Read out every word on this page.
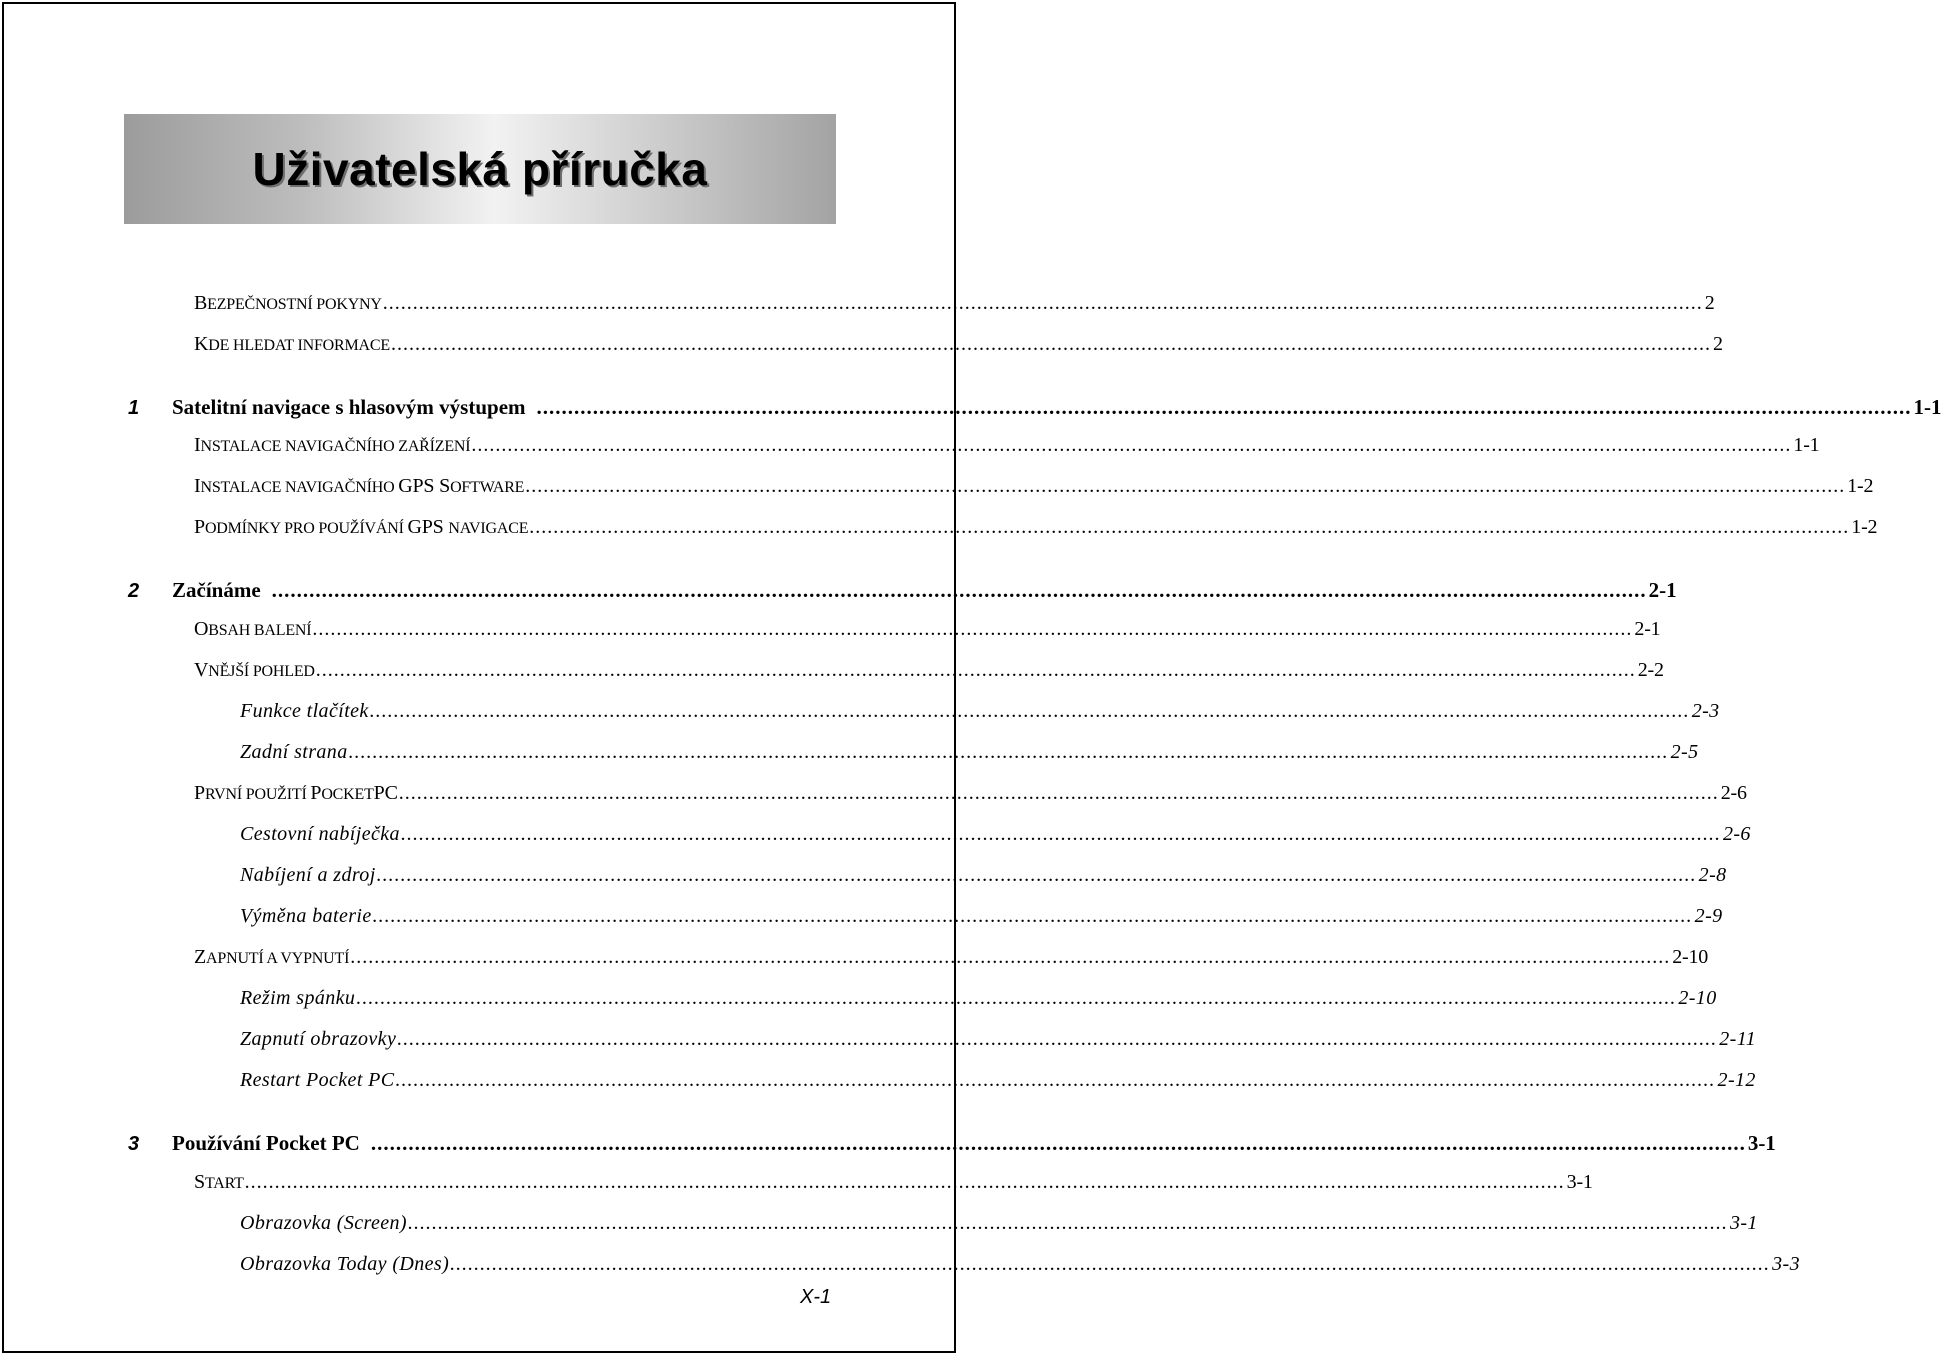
Uživatelská příručka
BEZPEČNOSTNÍ POKYNY ............................................................................................................................................................................................................................ 2
KDE HLEDAT INFORMACE ............................................................................................................................................................................................................................ 2
1 Satelitní navigace s hlasovým výstupem ............................................................................................................................................................................................................................ 1-1
INSTALACE NAVIGAČNÍHO ZAŘÍZENÍ ............................................................................................................................................................................................................................ 1-1
INSTALACE NAVIGAČNÍHO GPS SOFTWARE ............................................................................................................................................................................................................................ 1-2
PODMÍNKY PRO POUŽÍVÁNÍ GPS NAVIGACE ............................................................................................................................................................................................................................ 1-2
2 Začínáme ............................................................................................................................................................................................................................ 2-1
OBSAH BALENÍ ............................................................................................................................................................................................................................ 2-1
VNĚJŠÍ POHLED ............................................................................................................................................................................................................................ 2-2
Funkce tlačítek ............................................................................................................................................................................................................................ 2-3
Zadní strana ............................................................................................................................................................................................................................ 2-5
PRVNÍ POUŽITÍ POCKETPC ............................................................................................................................................................................................................................ 2-6
Cestovní nabíječka ............................................................................................................................................................................................................................ 2-6
Nabíjení a zdroj ............................................................................................................................................................................................................................ 2-8
Výměna baterie ............................................................................................................................................................................................................................ 2-9
ZAPNUTÍ A VYPNUTÍ ............................................................................................................................................................................................................................ 2-10
Režim spánku ............................................................................................................................................................................................................................ 2-10
Zapnutí obrazovky ............................................................................................................................................................................................................................ 2-11
Restart Pocket PC ............................................................................................................................................................................................................................ 2-12
3 Používání Pocket PC ............................................................................................................................................................................................................................ 3-1
START ............................................................................................................................................................................................................................ 3-1
Obrazovka (Screen) ............................................................................................................................................................................................................................ 3-1
Obrazovka Today (Dnes) ............................................................................................................................................................................................................................ 3-3
X-1
